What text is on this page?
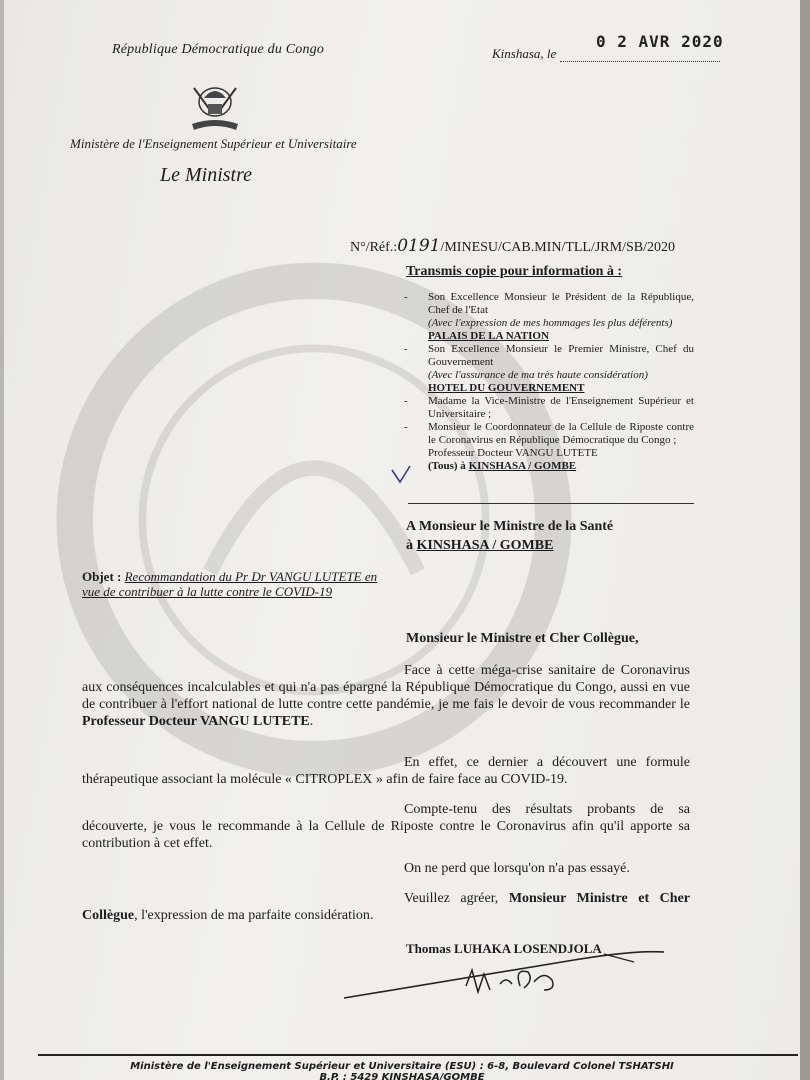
République Démocratique du Congo	Kinshasa, le
0 2 AVR 2020
Ministère de l'Enseignement Supérieur et Universitaire
Le Ministre
N°/Réf.:0191/MINESU/CAB.MIN/TLL/JRM/SB/2020
Transmis copie pour information à :
- Son Excellence Monsieur le Président de la République, Chef de l'Etat
(Avec l'expression de mes hommages les plus déférents)
PALAIS DE LA NATION
- Son Excellence Monsieur le Premier Ministre, Chef du Gouvernement
(Avec l'assurance de ma très haute considération)
HOTEL DU GOUVERNEMENT
- Madame la Vice-Ministre de l'Enseignement Supérieur et Universitaire ;
- Monsieur le Coordonnateur de la Cellule de Riposte contre le Coronavirus en République Démocratique du Congo ;
Professeur Docteur VANGU LUTETE
(Tous) à KINSHASA / GOMBE
A Monsieur le Ministre de la Santé
à KINSHASA / GOMBE
Objet : Recommandation du Pr Dr VANGU LUTETE en vue de contribuer à la lutte contre le COVID-19
Monsieur le Ministre et Cher Collègue,
Face à cette méga-crise sanitaire de Coronavirus aux conséquences incalculables et qui n'a pas épargné la République Démocratique du Congo, aussi en vue de contribuer à l'effort national de lutte contre cette pandémie, je me fais le devoir de vous recommander le Professeur Docteur VANGU LUTETE.
En effet, ce dernier a découvert une formule thérapeutique associant la molécule « CITROPLEX » afin de faire face au COVID-19.
Compte-tenu des résultats probants de sa découverte, je vous le recommande à la Cellule de Riposte contre le Coronavirus afin qu'il apporte sa contribution à cet effet.
On ne perd que lorsqu'on n'a pas essayé.
Veuillez agréer, Monsieur Ministre et Cher Collègue, l'expression de ma parfaite considération.
Thomas LUHAKA LOSENDJOLA
Ministère de l'Enseignement Supérieur et Universitaire (ESU) : 6-8, Boulevard Colonel TSHATSHI
B.P. : 5429 KINSHASA/GOMBE
